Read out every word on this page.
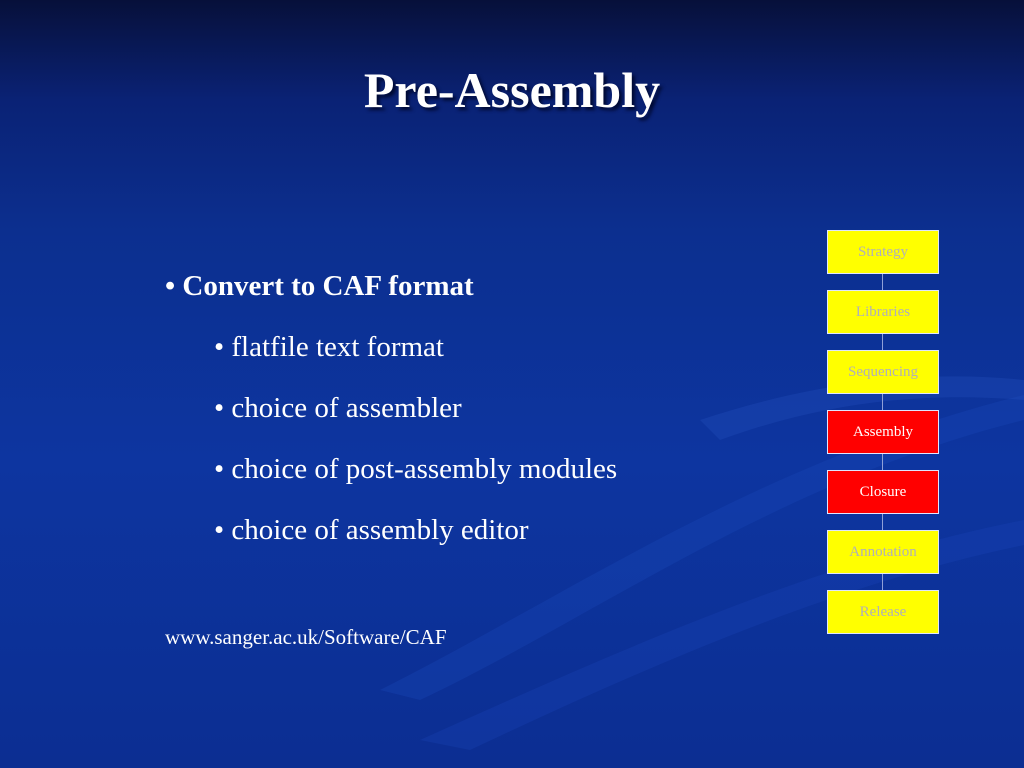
Pre-Assembly
• Convert to CAF format
• flatfile text format
• choice of assembler
• choice of post-assembly modules
• choice of assembly editor
www.sanger.ac.uk/Software/CAF
Strategy
Libraries
Sequencing
Assembly
Closure
Annotation
Release
